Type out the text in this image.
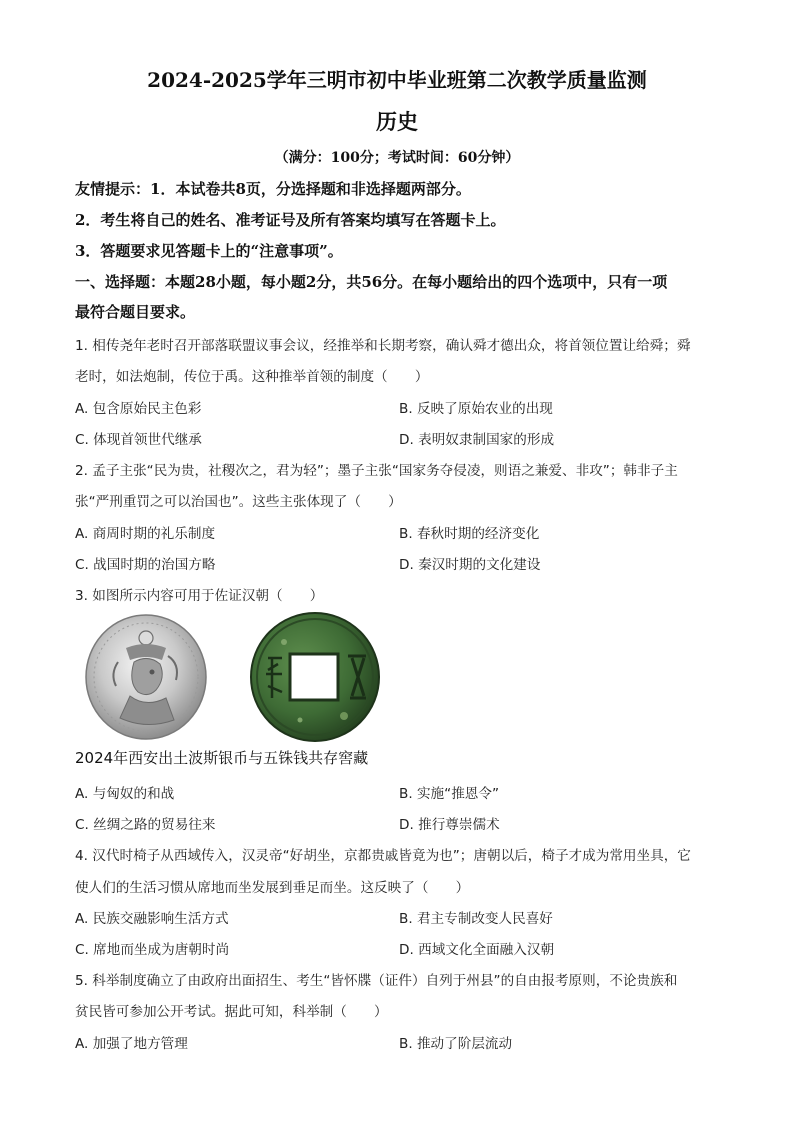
2024-2025学年三明市初中毕业班第二次教学质量监测
历史
（满分：100分；考试时间：60分钟）
友情提示：1．本试卷共8页，分选择题和非选择题两部分。
2．考生将自己的姓名、准考证号及所有答案均填写在答题卡上。
3．答题要求见答题卡上的“注意事项”。
一、选择题：本题28小题，每小题2分，共56分。在每小题给出的四个选项中，只有一项
最符合题目要求。
1. 相传尧年老时召开部落联盟议事会议，经推举和长期考察，确认舜才德出众，将首领位置让给舜；舜
老时，如法炮制，传位于禹。这种推举首领的制度（　　）
A. 包含原始民主色彩	B. 反映了原始农业的出现
C. 体现首领世代继承	D. 表明奴隶制国家的形成
2. 孟子主张“民为贵，社稷次之，君为轻”；墨子主张“国家务夺侵凌，则语之兼爱、非攻”；韩非子主
张“严刑重罚之可以治国也”。这些主张体现了（　　）
A. 商周时期的礼乐制度	B. 春秋时期的经济变化
C. 战国时期的治国方略	D. 秦汉时期的文化建设
3. 如图所示内容可用于佐证汉朝（　　）
2024年西安出土波斯银币与五铢钱共存窖藏
A. 与匈奴的和战	B. 实施“推恩令”
C. 丝绸之路的贸易往来	D. 推行尊崇儒术
4. 汉代时椅子从西域传入，汉灵帝“好胡坐，京都贵戚皆竟为也”；唐朝以后，椅子才成为常用坐具，它
使人们的生活习惯从席地而坐发展到垂足而坐。这反映了（　　）
A. 民族交融影响生活方式	B. 君主专制改变人民喜好
C. 席地而坐成为唐朝时尚	D. 西域文化全面融入汉朝
5. 科举制度确立了由政府出面招生、考生“皆怀牒（证件）自列于州县”的自由报考原则，不论贵族和
贫民皆可参加公开考试。据此可知，科举制（　　）
A. 加强了地方管理	B. 推动了阶层流动
